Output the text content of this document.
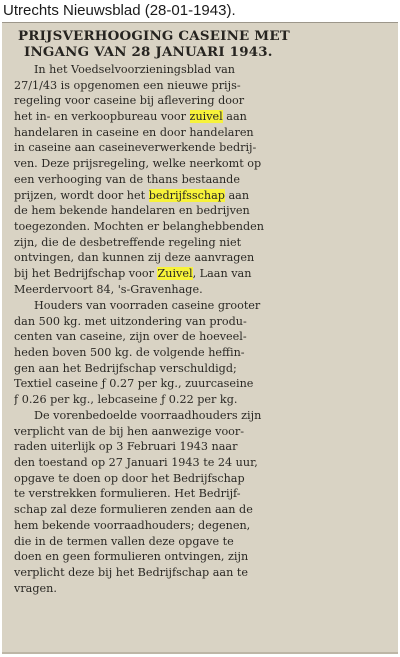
Utrechts Nieuwsblad (28-01-1943).
PRIJSVERHOOGING CASEINE MET
INGANG VAN 28 JANUARI 1943.
In het Voedselvoorzieningsblad van
27/1/43 is opgenomen een nieuwe prijs-
regeling voor caseine bij aflevering door
het in- en verkoopbureau voor zuivel aan
handelaren in caseine en door handelaren
in caseine aan caseineverwerkende bedrij-
ven. Deze prijsregeling, welke neerkomt op
een verhooging van de thans bestaande
prijzen, wordt door het bedrijfsschap aan
de hem bekende handelaren en bedrijven
toegezonden. Mochten er belanghebbenden
zijn, die de desbetreffende regeling niet
ontvingen, dan kunnen zij deze aanvragen
bij het Bedrijfschap voor Zuivel, Laan van
Meerdervoort 84, 's-Gravenhage.
Houders van voorraden caseine grooter
dan 500 kg. met uitzondering van produ-
centen van caseine, zijn over de hoeveel-
heden boven 500 kg. de volgende heffin-
gen aan het Bedrijfschap verschuldigd;
Textiel caseine ƒ 0.27 per kg., zuurcaseine
ƒ 0.26 per kg., lebcaseine ƒ 0.22 per kg.
De vorenbedoelde voorraadhouders zijn
verplicht van de bij hen aanwezige voor-
raden uiterlijk op 3 Februari 1943 naar
den toestand op 27 Januari 1943 te 24 uur,
opgave te doen op door het Bedrijfschap
te verstrekken formulieren. Het Bedrijf-
schap zal deze formulieren zenden aan de
hem bekende voorraadhouders; degenen,
die in de termen vallen deze opgave te
doen en geen formulieren ontvingen, zijn
verplicht deze bij het Bedrijfschap aan te
vragen.
